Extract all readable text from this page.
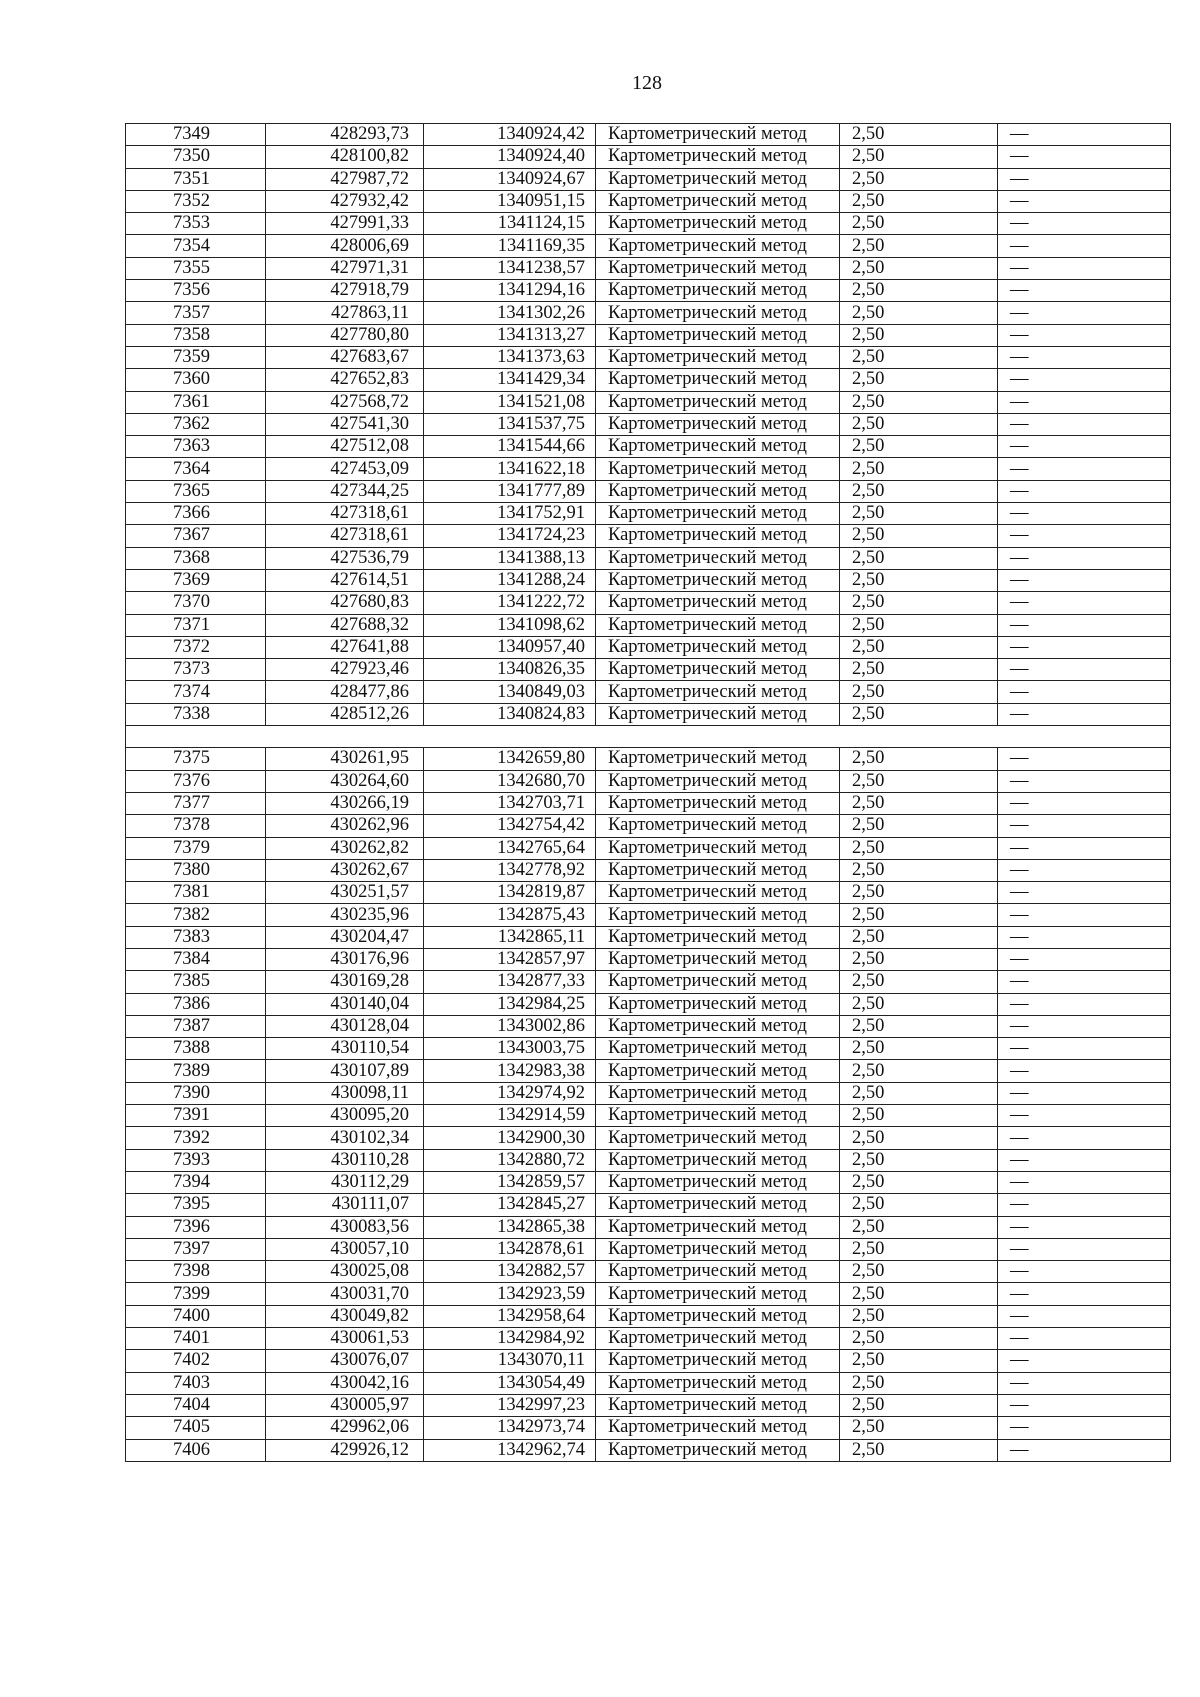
128
7349	428293,73	1340924,42	Картометрический метод	2,50	—
7350	428100,82	1340924,40	Картометрический метод	2,50	—
7351	427987,72	1340924,67	Картометрический метод	2,50	—
7352	427932,42	1340951,15	Картометрический метод	2,50	—
7353	427991,33	1341124,15	Картометрический метод	2,50	—
7354	428006,69	1341169,35	Картометрический метод	2,50	—
7355	427971,31	1341238,57	Картометрический метод	2,50	—
7356	427918,79	1341294,16	Картометрический метод	2,50	—
7357	427863,11	1341302,26	Картометрический метод	2,50	—
7358	427780,80	1341313,27	Картометрический метод	2,50	—
7359	427683,67	1341373,63	Картометрический метод	2,50	—
7360	427652,83	1341429,34	Картометрический метод	2,50	—
7361	427568,72	1341521,08	Картометрический метод	2,50	—
7362	427541,30	1341537,75	Картометрический метод	2,50	—
7363	427512,08	1341544,66	Картометрический метод	2,50	—
7364	427453,09	1341622,18	Картометрический метод	2,50	—
7365	427344,25	1341777,89	Картометрический метод	2,50	—
7366	427318,61	1341752,91	Картометрический метод	2,50	—
7367	427318,61	1341724,23	Картометрический метод	2,50	—
7368	427536,79	1341388,13	Картометрический метод	2,50	—
7369	427614,51	1341288,24	Картометрический метод	2,50	—
7370	427680,83	1341222,72	Картометрический метод	2,50	—
7371	427688,32	1341098,62	Картометрический метод	2,50	—
7372	427641,88	1340957,40	Картометрический метод	2,50	—
7373	427923,46	1340826,35	Картометрический метод	2,50	—
7374	428477,86	1340849,03	Картометрический метод	2,50	—
7338	428512,26	1340824,83	Картометрический метод	2,50	—

7375	430261,95	1342659,80	Картометрический метод	2,50	—
7376	430264,60	1342680,70	Картометрический метод	2,50	—
7377	430266,19	1342703,71	Картометрический метод	2,50	—
7378	430262,96	1342754,42	Картометрический метод	2,50	—
7379	430262,82	1342765,64	Картометрический метод	2,50	—
7380	430262,67	1342778,92	Картометрический метод	2,50	—
7381	430251,57	1342819,87	Картометрический метод	2,50	—
7382	430235,96	1342875,43	Картометрический метод	2,50	—
7383	430204,47	1342865,11	Картометрический метод	2,50	—
7384	430176,96	1342857,97	Картометрический метод	2,50	—
7385	430169,28	1342877,33	Картометрический метод	2,50	—
7386	430140,04	1342984,25	Картометрический метод	2,50	—
7387	430128,04	1343002,86	Картометрический метод	2,50	—
7388	430110,54	1343003,75	Картометрический метод	2,50	—
7389	430107,89	1342983,38	Картометрический метод	2,50	—
7390	430098,11	1342974,92	Картометрический метод	2,50	—
7391	430095,20	1342914,59	Картометрический метод	2,50	—
7392	430102,34	1342900,30	Картометрический метод	2,50	—
7393	430110,28	1342880,72	Картометрический метод	2,50	—
7394	430112,29	1342859,57	Картометрический метод	2,50	—
7395	430111,07	1342845,27	Картометрический метод	2,50	—
7396	430083,56	1342865,38	Картометрический метод	2,50	—
7397	430057,10	1342878,61	Картометрический метод	2,50	—
7398	430025,08	1342882,57	Картометрический метод	2,50	—
7399	430031,70	1342923,59	Картометрический метод	2,50	—
7400	430049,82	1342958,64	Картометрический метод	2,50	—
7401	430061,53	1342984,92	Картометрический метод	2,50	—
7402	430076,07	1343070,11	Картометрический метод	2,50	—
7403	430042,16	1343054,49	Картометрический метод	2,50	—
7404	430005,97	1342997,23	Картометрический метод	2,50	—
7405	429962,06	1342973,74	Картометрический метод	2,50	—
7406	429926,12	1342962,74	Картометрический метод	2,50	—
